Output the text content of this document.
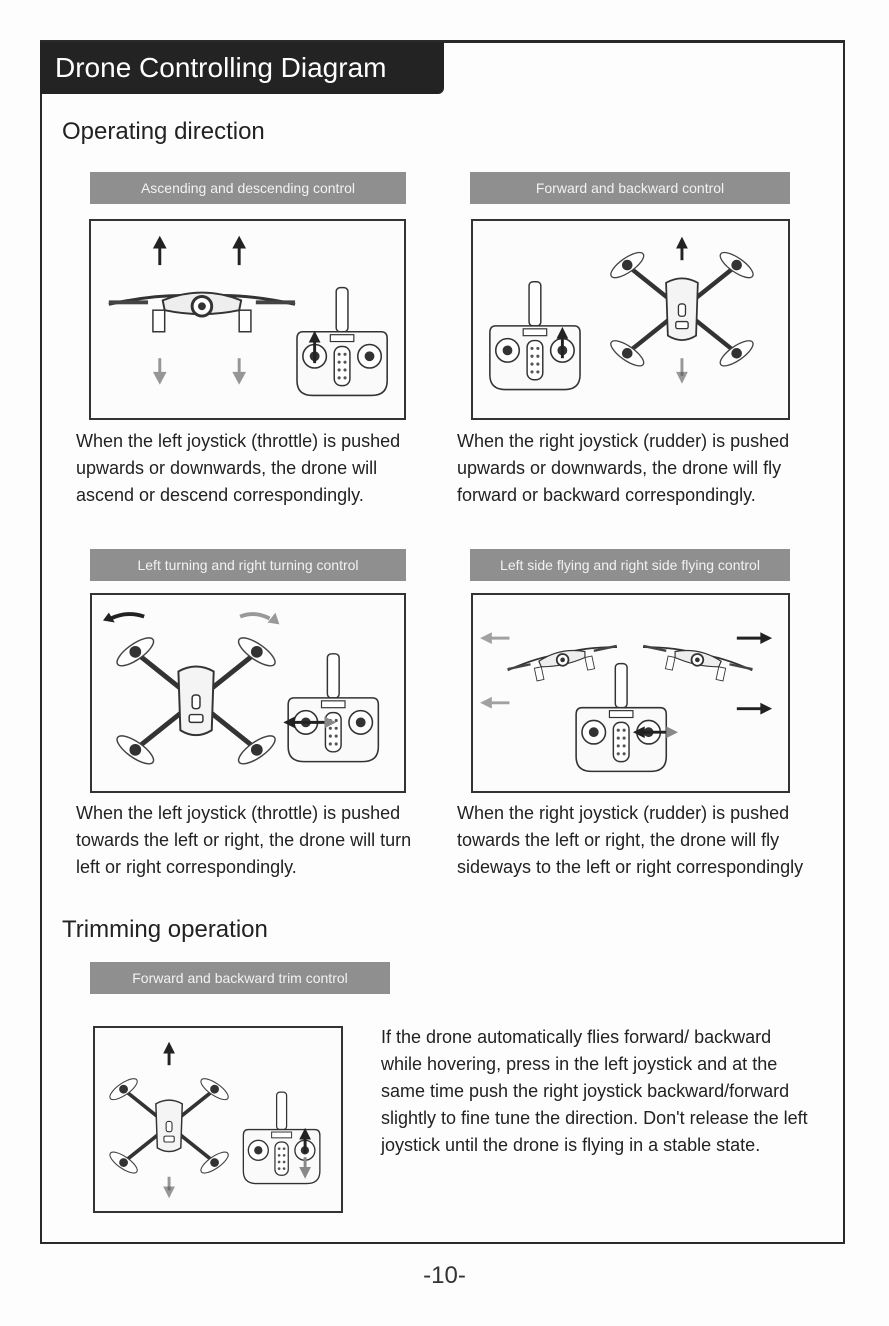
Drone Controlling Diagram
Operating direction
Ascending and descending control
When the left joystick (throttle) is pushed upwards or downwards, the drone will ascend or descend correspondingly.
Forward and backward control
When the right joystick (rudder) is pushed upwards or downwards, the drone will fly forward or backward correspondingly.
Left turning and right turning control
When the left joystick (throttle) is pushed towards the left or right, the drone will turn left or right correspondingly.
Left side flying and right side flying control
When the right joystick (rudder) is pushed towards the left or right, the drone will fly sideways to the left or right correspondingly
Trimming operation
Forward and backward trim control
If the drone automatically flies forward/ backward while hovering, press in the left joystick and at the same time push the right joystick backward/forward slightly to fine tune the direction. Don't release the left joystick until the drone is flying in a stable state.
-10-
